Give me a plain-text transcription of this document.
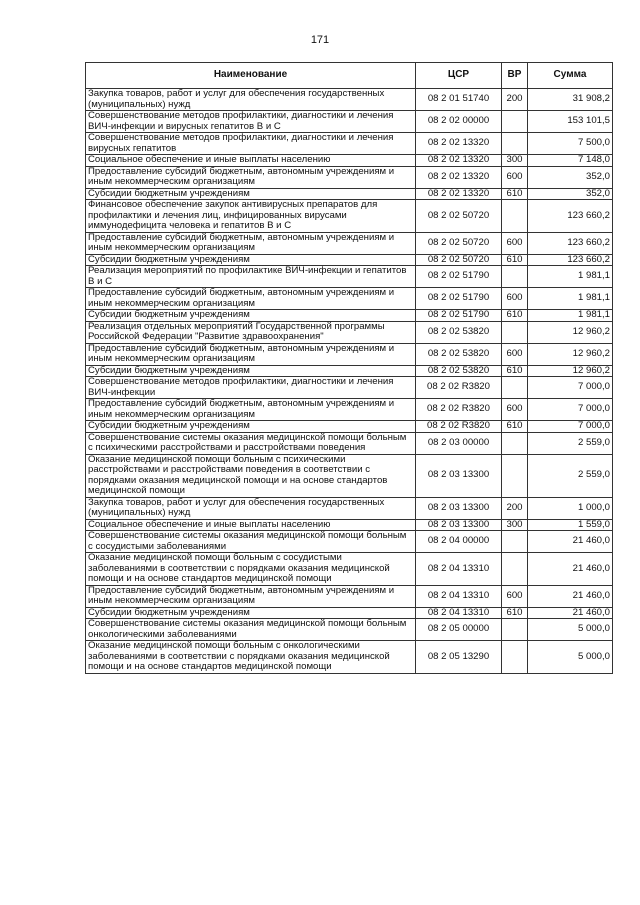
171
Наименование	ЦСР	ВР	Сумма
Закупка товаров, работ и услуг для обеспечения государственных (муниципальных) нужд	08 2 01 51740	200	31 908,2
Совершенствование методов профилактики, диагностики и лечения ВИЧ-инфекции и вирусных гепатитов В и С	08 2 02 00000		153 101,5
Совершенствование методов профилактики, диагностики и лечения вирусных гепатитов	08 2 02 13320		7 500,0
Социальное обеспечение и иные выплаты населению	08 2 02 13320	300	7 148,0
Предоставление субсидий бюджетным, автономным учреждениям и иным некоммерческим организациям	08 2 02 13320	600	352,0
Субсидии бюджетным учреждениям	08 2 02 13320	610	352,0
Финансовое обеспечение закупок антивирусных препаратов для профилактики и лечения лиц, инфицированных вирусами иммунодефицита человека и гепатитов В и С	08 2 02 50720		123 660,2
Предоставление субсидий бюджетным, автономным учреждениям и иным некоммерческим организациям	08 2 02 50720	600	123 660,2
Субсидии бюджетным учреждениям	08 2 02 50720	610	123 660,2
Реализация мероприятий по профилактике ВИЧ-инфекции и гепатитов В и С	08 2 02 51790		1 981,1
Предоставление субсидий бюджетным, автономным учреждениям и иным некоммерческим организациям	08 2 02 51790	600	1 981,1
Субсидии бюджетным учреждениям	08 2 02 51790	610	1 981,1
Реализация отдельных мероприятий Государственной программы Российской Федерации "Развитие здравоохранения"	08 2 02 53820		12 960,2
Предоставление субсидий бюджетным, автономным учреждениям и иным некоммерческим организациям	08 2 02 53820	600	12 960,2
Субсидии бюджетным учреждениям	08 2 02 53820	610	12 960,2
Совершенствование методов профилактики, диагностики и лечения ВИЧ-инфекции	08 2 02 R3820		7 000,0
Предоставление субсидий бюджетным, автономным учреждениям и иным некоммерческим организациям	08 2 02 R3820	600	7 000,0
Субсидии бюджетным учреждениям	08 2 02 R3820	610	7 000,0
Совершенствование системы оказания медицинской помощи больным с психическими расстройствами и расстройствами поведения	08 2 03 00000		2 559,0
Оказание медицинской помощи больным с психическими расстройствами и расстройствами поведения в соответствии с порядками оказания медицинской помощи и на основе стандартов медицинской помощи	08 2 03 13300		2 559,0
Закупка товаров, работ и услуг для обеспечения государственных (муниципальных) нужд	08 2 03 13300	200	1 000,0
Социальное обеспечение и иные выплаты населению	08 2 03 13300	300	1 559,0
Совершенствование системы оказания медицинской помощи больным с сосудистыми заболеваниями	08 2 04 00000		21 460,0
Оказание медицинской помощи больным с сосудистыми заболеваниями в соответствии с порядками оказания медицинской помощи и на основе стандартов медицинской помощи	08 2 04 13310		21 460,0
Предоставление субсидий бюджетным, автономным учреждениям и иным некоммерческим организациям	08 2 04 13310	600	21 460,0
Субсидии бюджетным учреждениям	08 2 04 13310	610	21 460,0
Совершенствование системы оказания медицинской помощи больным онкологическими заболеваниями	08 2 05 00000		5 000,0
Оказание медицинской помощи больным с онкологическими заболеваниями в соответствии с порядками оказания медицинской помощи и на основе стандартов медицинской помощи	08 2 05 13290		5 000,0
